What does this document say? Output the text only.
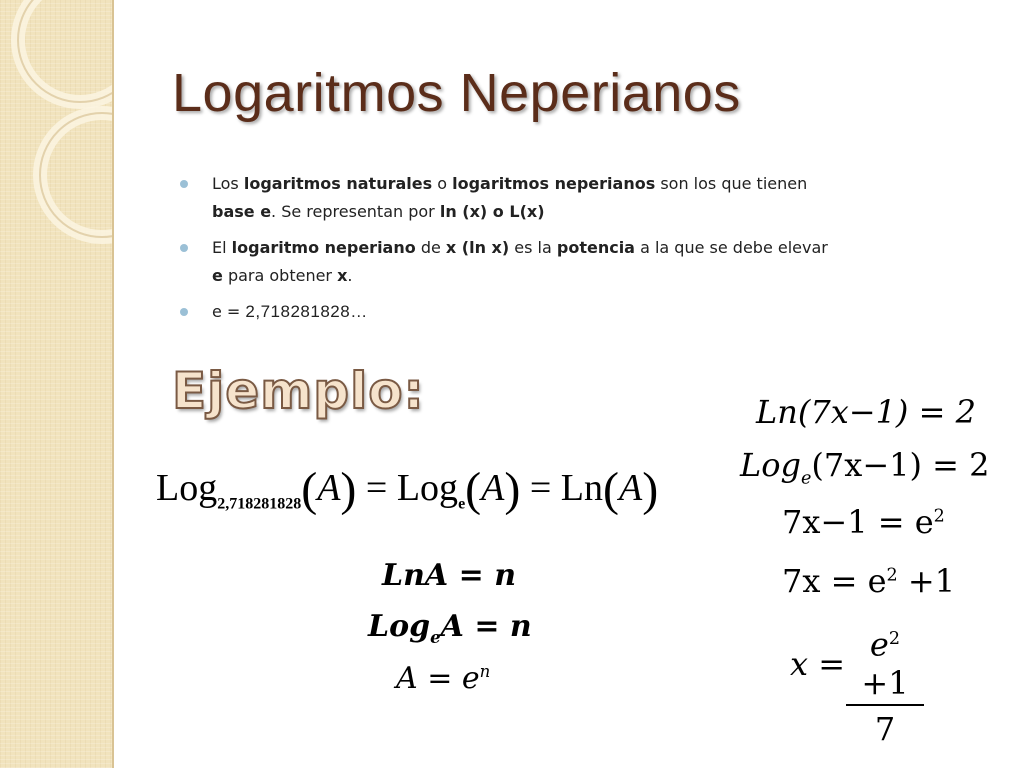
Logaritmos Neperianos
Los logaritmos naturales o logaritmos neperianos son los que tienen base e. Se representan por ln (x) o L(x)
El logaritmo neperiano de x (ln x) es la potencia a la que se debe elevar e para obtener x.
e = 2,718281828…
Ejemplo:
Log$_{2,718281828}$(A) = Log$_e$(A) = Ln(A)
LnA = n
Log$_e$A = n
$A = e^n$
Ln(7x−1) = 2
Log$_e$(7x−1) = 2
$7x-1 = e^2$
$7x = e^2 +1$
x =
$e^2 +1$
7
